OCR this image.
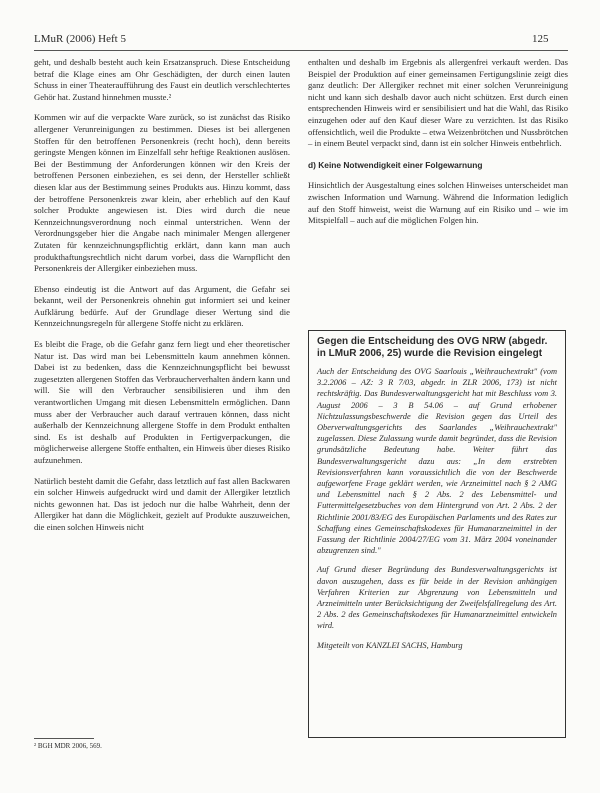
LMuR (2006) Heft 5	125

geht, und deshalb besteht auch kein Ersatzanspruch. Diese Entscheidung betraf die Klage eines am Ohr Geschädigten, der durch einen lauten Schuss in einer Theateraufführung des Faust ein deutlich verschlechtertes Gehör hat. Zustand hinnehmen musste.²

Kommen wir auf die verpackte Ware zurück, so ist zunächst das Risiko allergener Verunreinigungen zu bestimmen. Dieses ist bei allergenen Stoffen für den betroffenen Personenkreis (recht hoch), denn bereits geringste Mengen können im Einzelfall sehr heftige Reaktionen auslösen. Bei der Bestimmung der Anforderungen können wir den Kreis der betroffenen Personen einbeziehen, es sei denn, der Hersteller schließt diesen klar aus der Bestimmung seines Produkts aus. Hinzu kommt, dass der betroffene Personenkreis zwar klein, aber erheblich auf den Kauf solcher Produkte angewiesen ist. Dies wird durch die neue Kennzeichnungsverordnung noch einmal unterstrichen. Wenn der Verordnungsgeber hier die Angabe nach minimaler Mengen allergener Zutaten für kennzeichnungspflichtig erklärt, dann kann man auch produkthaftungsrechtlich nicht darum vorbei, dass die Warnpflicht den Personenkreis der Allergiker einbeziehen muss.

Ebenso eindeutig ist die Antwort auf das Argument, die Gefahr sei bekannt, weil der Personenkreis ohnehin gut informiert sei und keiner Aufklärung bedürfe. Auf der Grundlage dieser Wertung sind die Kennzeichnungsregeln für allergene Stoffe nicht zu erklären.

Es bleibt die Frage, ob die Gefahr ganz fern liegt und eher theoretischer Natur ist. Das wird man bei Lebensmitteln kaum annehmen können. Dabei ist zu bedenken, dass die Kennzeichnungspflicht bei bewusst zugesetzten allergenen Stoffen das Verbraucherverhalten ändern kann und will. Sie will den Verbraucher sensibilisieren und ihm den verantwortlichen Umgang mit diesen Lebensmitteln ermöglichen. Dann muss aber der Verbraucher auch darauf vertrauen können, dass nicht außerhalb der Kennzeichnung allergene Stoffe in dem Produkt enthalten sind. Es ist deshalb auf Produkten in Fertigverpackungen, die möglicherweise allergene Stoffe enthalten, ein Hinweis über dieses Risiko aufzunehmen.

Natürlich besteht damit die Gefahr, dass letztlich auf fast allen Backwaren ein solcher Hinweis aufgedruckt wird und damit der Allergiker letztlich nichts gewonnen hat. Das ist jedoch nur die halbe Wahrheit, denn der Allergiker hat dann die Möglichkeit, gezielt auf Produkte auszuweichen, die einen solchen Hinweis nicht

enthalten und deshalb im Ergebnis als allergenfrei verkauft werden. Das Beispiel der Produktion auf einer gemeinsamen Fertigungslinie zeigt dies ganz deutlich: Der Allergiker rechnet mit einer solchen Verunreinigung nicht und kann sich deshalb davor auch nicht schützen. Erst durch einen entsprechenden Hinweis wird er sensibilisiert und hat die Wahl, das Risiko einzugehen oder auf den Kauf dieser Ware zu verzichten. Ist das Risiko offensichtlich, weil die Produkte – etwa Weizenbrötchen und Nussbrötchen – in einem Beutel verpackt sind, dann ist ein solcher Hinweis entbehrlich.

d) Keine Notwendigkeit einer Folgewarnung

Hinsichtlich der Ausgestaltung eines solchen Hinweises unterscheidet man zwischen Information und Warnung. Während die Information lediglich auf den Stoff hinweist, weist die Warnung auf ein Risiko und – wie im Mitspielfall – auch auf die möglichen Folgen hin.

Gegen die Entscheidung des OVG NRW (abgedr. in LMuR 2006, 25) wurde die Revision eingelegt

Auch der Entscheidung des OVG Saarlouis „Weihrauchextrakt" (vom 3.2.2006 – AZ: 3 R 7/03, abgedr. in ZLR 2006, 173) ist nicht rechtskräftig. Das Bundesverwaltungsgericht hat mit Beschluss vom 3. August 2006 – 3 B 54.06 – auf Grund erhobener Nichtzulassungsbeschwerde die Revision gegen das Urteil des Oberverwaltungsgerichts des Saarlandes „Weihrauchextrakt" zugelassen. Diese Zulassung wurde damit begründet, dass die Revision grundsätzliche Bedeutung habe. Weiter führt das Bundesverwaltungsgericht dazu aus: „In dem erstrebten Revisionsverfahren kann voraussichtlich die von der Beschwerde aufgeworfene Frage geklärt werden, wie Arzneimittel nach § 2 AMG und Lebensmittel nach § 2 Abs. 2 des Lebensmittel- und Futtermittelgesetzbuches von dem Hintergrund von Art. 2 Abs. 2 der Richtlinie 2001/83/EG des Europäischen Parlaments und des Rates zur Schaffung eines Gemeinschaftskodexes für Humanarzneimittel in der Fassung der Richtlinie 2004/27/EG vom 31. März 2004 voneinander abzugrenzen sind."

Auf Grund dieser Begründung des Bundesverwaltungsgerichts ist davon auszugehen, dass es für beide in der Revision anhängigen Verfahren Kriterien zur Abgrenzung von Lebensmitteln und Arzneimitteln unter Berücksichtigung der Zweifelsfallregelung des Art. 2 Abs. 2 des Gemeinschaftskodexes für Humanarzneimittel entwickeln wird.

Mitgeteilt von KANZLEI SACHS, Hamburg

² BGH MDR 2006, 569.
